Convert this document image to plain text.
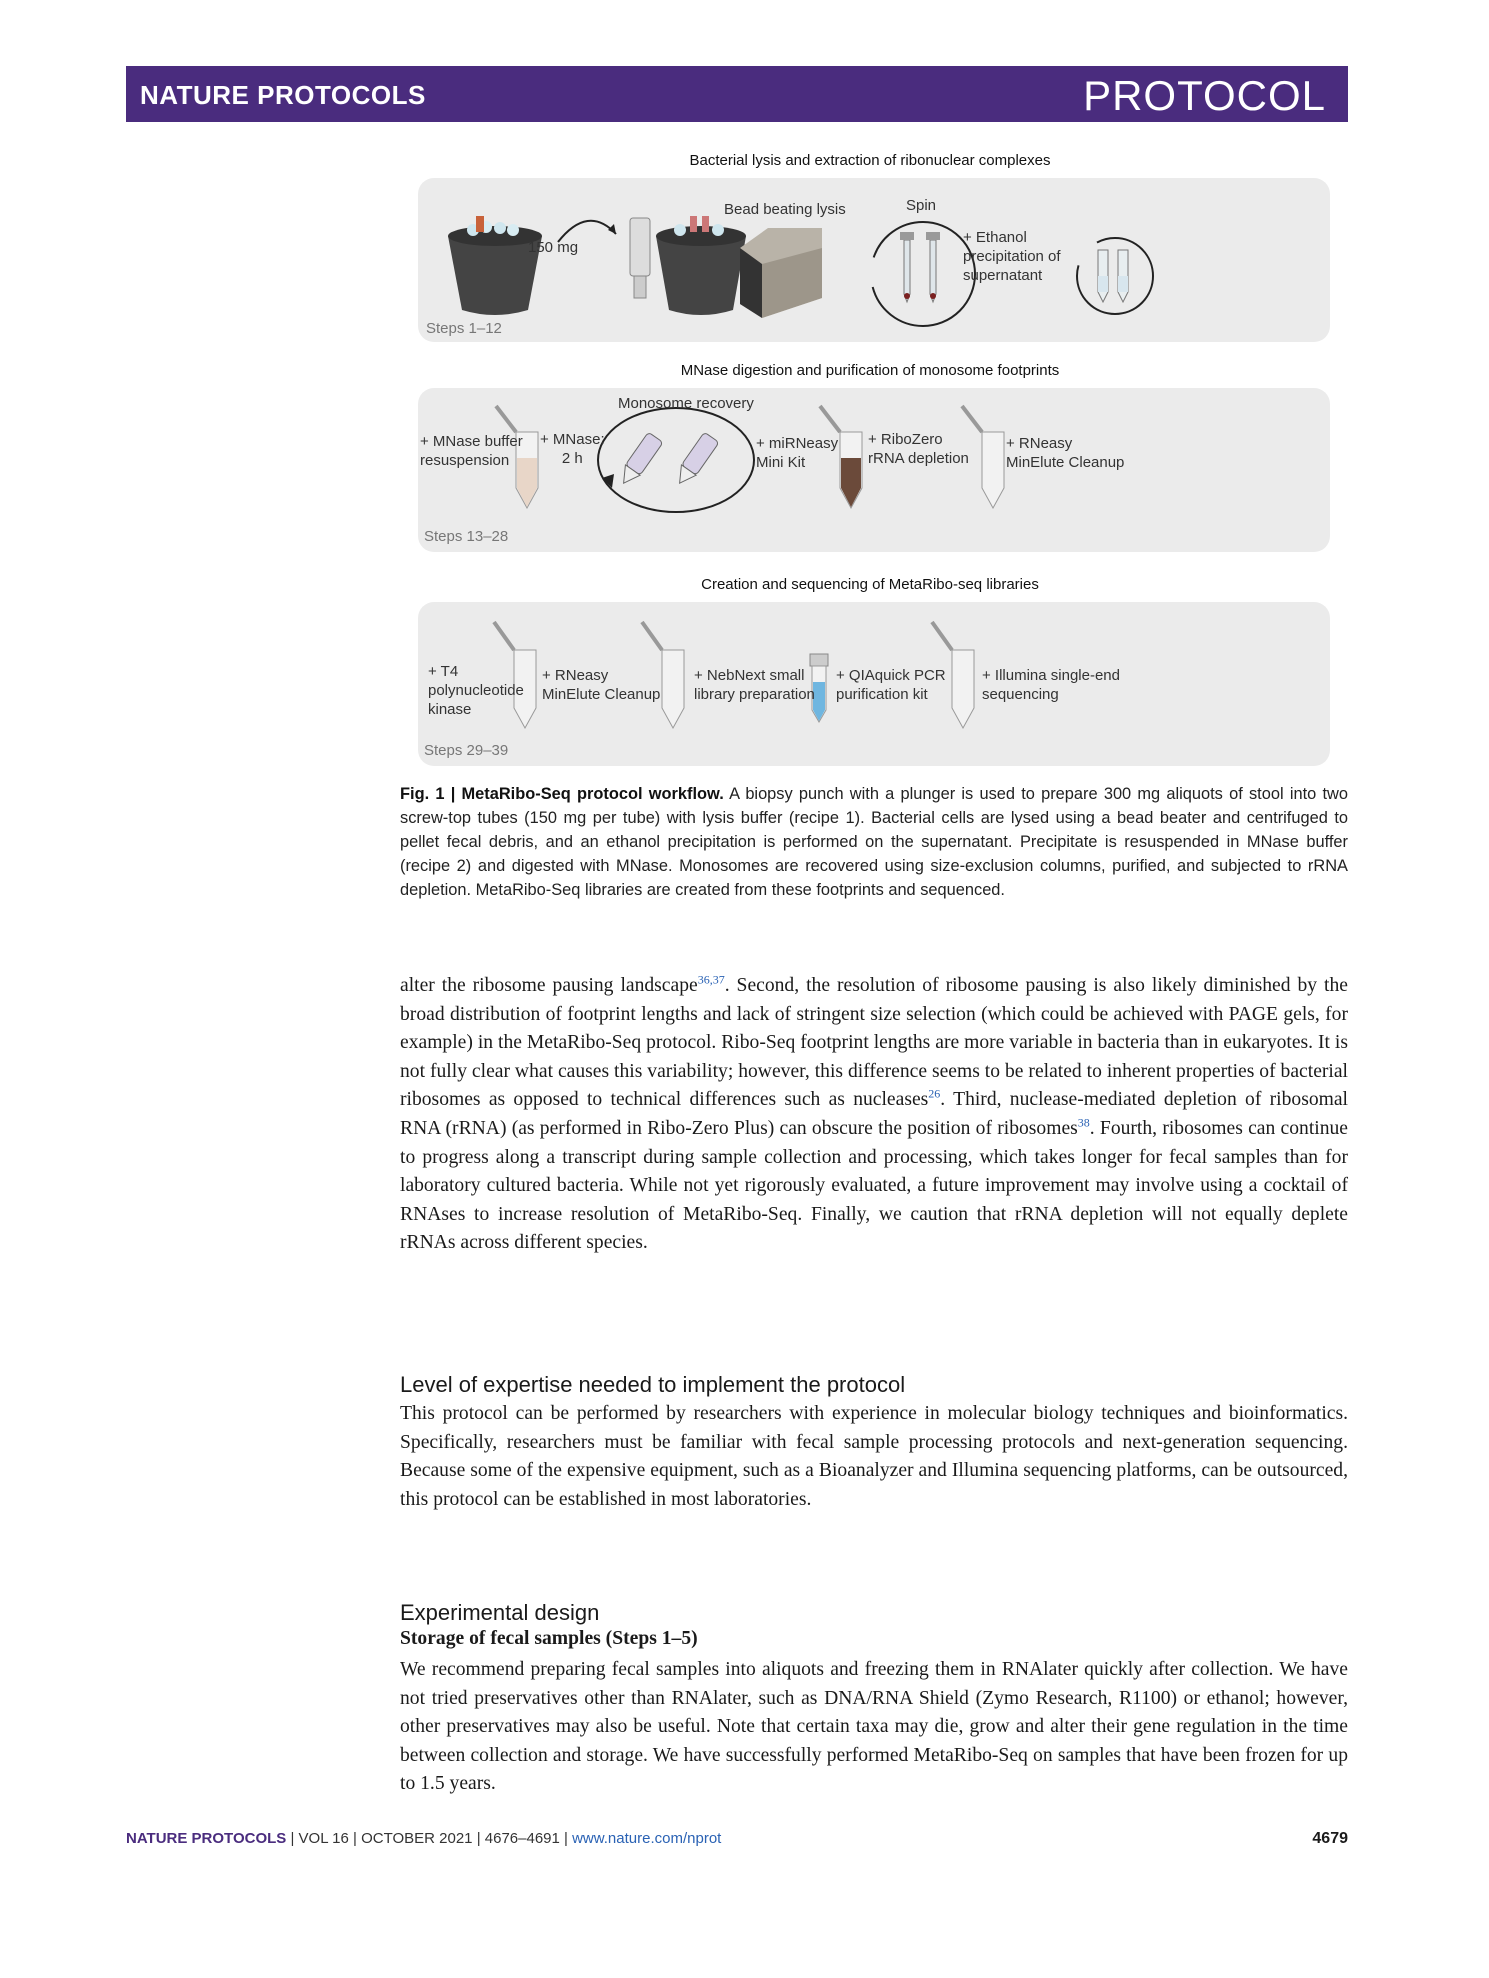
NATURE PROTOCOLS	PROTOCOL
Bacterial lysis and extraction of ribonuclear complexes
150 mg
Bead beating lysis	Spin
+ Ethanol
precipitation of
supernatant
Steps 1–12
MNase digestion and purification of monosome footprints
+ MNase buffer
resuspension
+ MNase:
2 h
Monosome recovery
+ miRNeasy
Mini Kit
+ RiboZero
rRNA depletion
+ RNeasy
MinElute Cleanup
Steps 13–28
Creation and sequencing of MetaRibo-seq libraries
+ T4
polynucleotide
kinase
+ RNeasy
MinElute Cleanup
+ NebNext small
library preparation
+ QIAquick PCR
purification kit
+ Illumina single-end
sequencing
Steps 29–39
Fig. 1 | MetaRibo-Seq protocol workflow. A biopsy punch with a plunger is used to prepare 300 mg aliquots of stool into two screw-top tubes (150 mg per tube) with lysis buffer (recipe 1). Bacterial cells are lysed using a bead beater and centrifuged to pellet fecal debris, and an ethanol precipitation is performed on the supernatant. Precipitate is resuspended in MNase buffer (recipe 2) and digested with MNase. Monosomes are recovered using size-exclusion columns, purified, and subjected to rRNA depletion. MetaRibo-Seq libraries are created from these footprints and sequenced.
alter the ribosome pausing landscape$^{36,37}$. Second, the resolution of ribosome pausing is also likely diminished by the broad distribution of footprint lengths and lack of stringent size selection (which could be achieved with PAGE gels, for example) in the MetaRibo-Seq protocol. Ribo-Seq footprint lengths are more variable in bacteria than in eukaryotes. It is not fully clear what causes this variability; however, this difference seems to be related to inherent properties of bacterial ribosomes as opposed to technical differences such as nucleases$^{26}$. Third, nuclease-mediated depletion of ribosomal RNA (rRNA) (as performed in Ribo-Zero Plus) can obscure the position of ribosomes$^{38}$. Fourth, ribosomes can continue to progress along a transcript during sample collection and processing, which takes longer for fecal samples than for laboratory cultured bacteria. While not yet rigorously evaluated, a future improvement may involve using a cocktail of RNAses to increase resolution of MetaRibo-Seq. Finally, we caution that rRNA depletion will not equally deplete rRNAs across different species.
Level of expertise needed to implement the protocol
This protocol can be performed by researchers with experience in molecular biology techniques and bioinformatics. Specifically, researchers must be familiar with fecal sample processing protocols and next-generation sequencing. Because some of the expensive equipment, such as a Bioanalyzer and Illumina sequencing platforms, can be outsourced, this protocol can be established in most laboratories.
Experimental design
Storage of fecal samples (Steps 1–5)
We recommend preparing fecal samples into aliquots and freezing them in RNAlater quickly after collection. We have not tried preservatives other than RNAlater, such as DNA/RNA Shield (Zymo Research, R1100) or ethanol; however, other preservatives may also be useful. Note that certain taxa may die, grow and alter their gene regulation in the time between collection and storage. We have successfully performed MetaRibo-Seq on samples that have been frozen for up to 1.5 years.
NATURE PROTOCOLS | VOL 16 | OCTOBER 2021 | 4676–4691 | www.nature.com/nprot	4679
